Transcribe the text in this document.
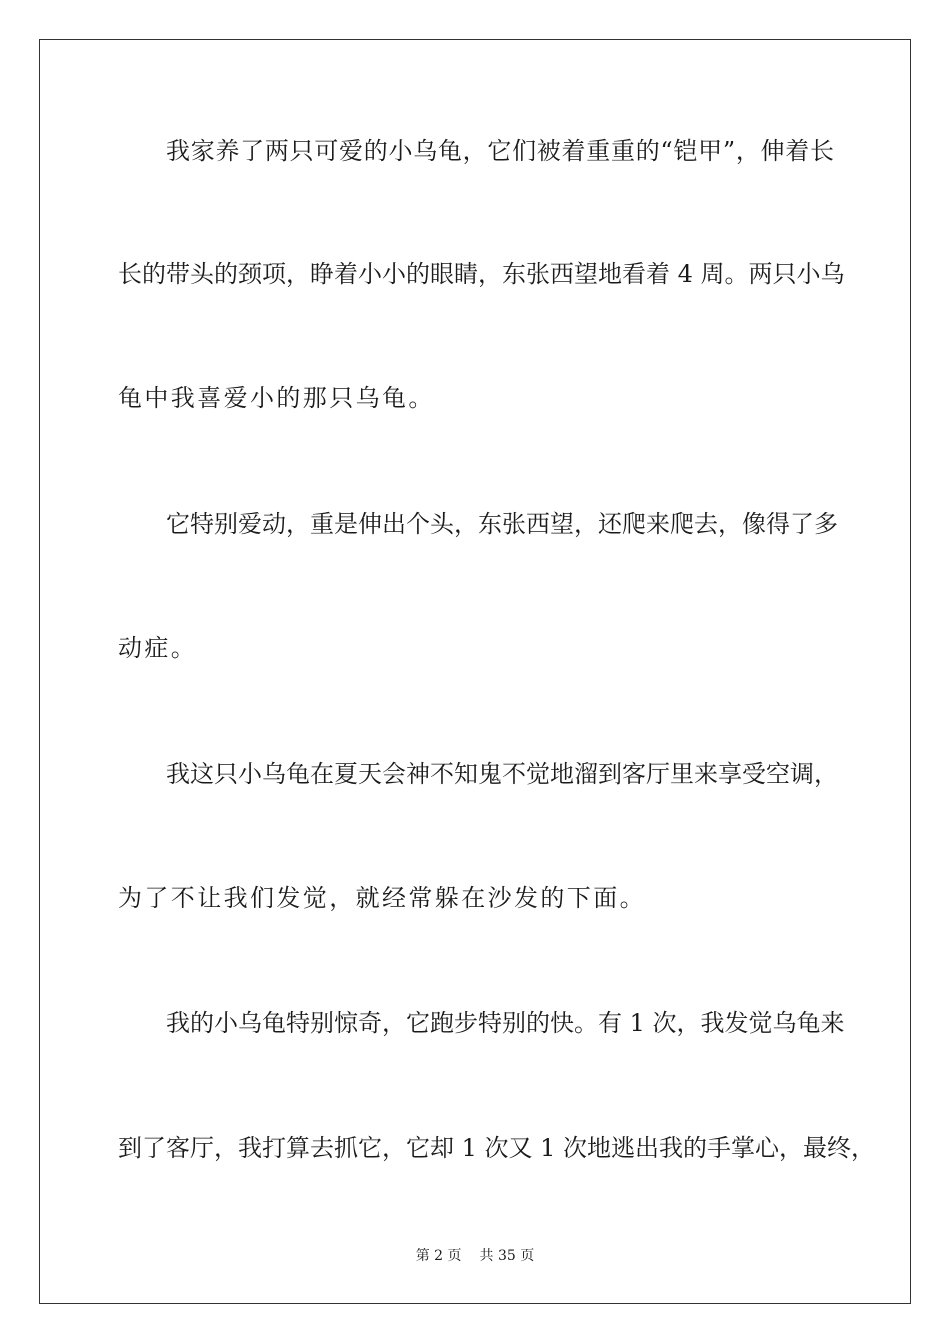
我家养了两只可爱的小乌龟，它们被着重重的“铠甲”，伸着长
长的带头的颈项，睁着小小的眼睛，东张西望地看着 4 周。两只小乌
龟中我喜爱小的那只乌龟。
它特别爱动，重是伸出个头，东张西望，还爬来爬去，像得了多
动症。
我这只小乌龟在夏天会神不知鬼不觉地溜到客厅里来享受空调，
为了不让我们发觉，就经常躲在沙发的下面。
我的小乌龟特别惊奇，它跑步特别的快。有 1 次，我发觉乌龟来
到了客厅，我打算去抓它，它却 1 次又 1 次地逃出我的手掌心，最终，
第 2 页 共 35 页
